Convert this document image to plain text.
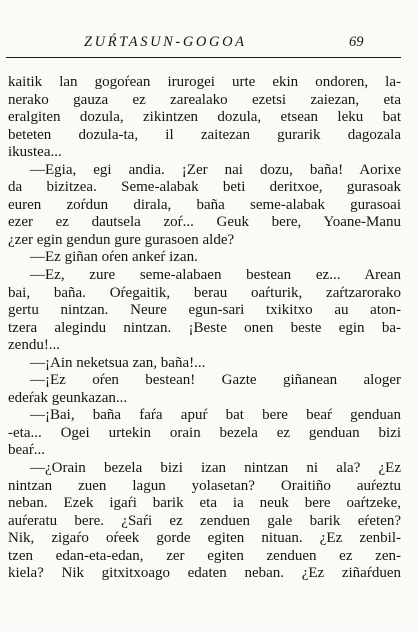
ZUŔTASUN-GOGOA	69
kaitik lan gogoŕean irurogei urte ekin ondoren, la-
nerako gauza ez zarealako ezetsi zaiezan, eta
eralgiten dozula, zikintzen dozula, etsean leku bat
beteten dozula-ta, il zaitezan gurarik dagozala
ikustea...
—Egia, egi andia. ¡Zer nai dozu, baña! Aorixe
da bizitzea. Seme-alabak beti deritxoe, gurasoak
euren zoŕdun dirala, baña seme-alabak gurasoai
ezer ez dautsela zoŕ... Geuk bere, Yoane-Manu
¿zer egin gendun gure gurasoen alde?
—Ez giñan oŕen ankeŕ izan.
—Ez, zure seme-alabaen bestean ez... Arean
bai, baña. Oŕegaitik, berau oaŕturik, zaŕtzarorako
gertu nintzan. Neure egun-sari txikitxo au aton-
tzera alegindu nintzan. ¡Beste onen beste egin ba-
zendu!...
—¡Ain neketsua zan, baña!...
—¡Ez oŕen bestean! Gazte giñanean aloger
edeŕak geunkazan...
—¡Bai, baña faŕa apuŕ bat bere beaŕ genduan
-eta... Ogei urtekin orain bezela ez genduan bizi
beaŕ...
—¿Orain bezela bizi izan nintzan ni ala? ¿Ez
nintzan zuen lagun yolasetan? Oraitiño auŕeztu
neban. Ezek igaŕi barik eta ia neuk bere oaŕtzeke,
auŕeratu bere. ¿Saŕi ez zenduen gale barik eŕeten?
Nik, zigaŕo oŕeek gorde egiten nituan. ¿Ez zenbil-
tzen edan-eta-edan, zer egiten zenduen ez zen-
kiela? Nik gitxitxoago edaten neban. ¿Ez ziñaŕduen
